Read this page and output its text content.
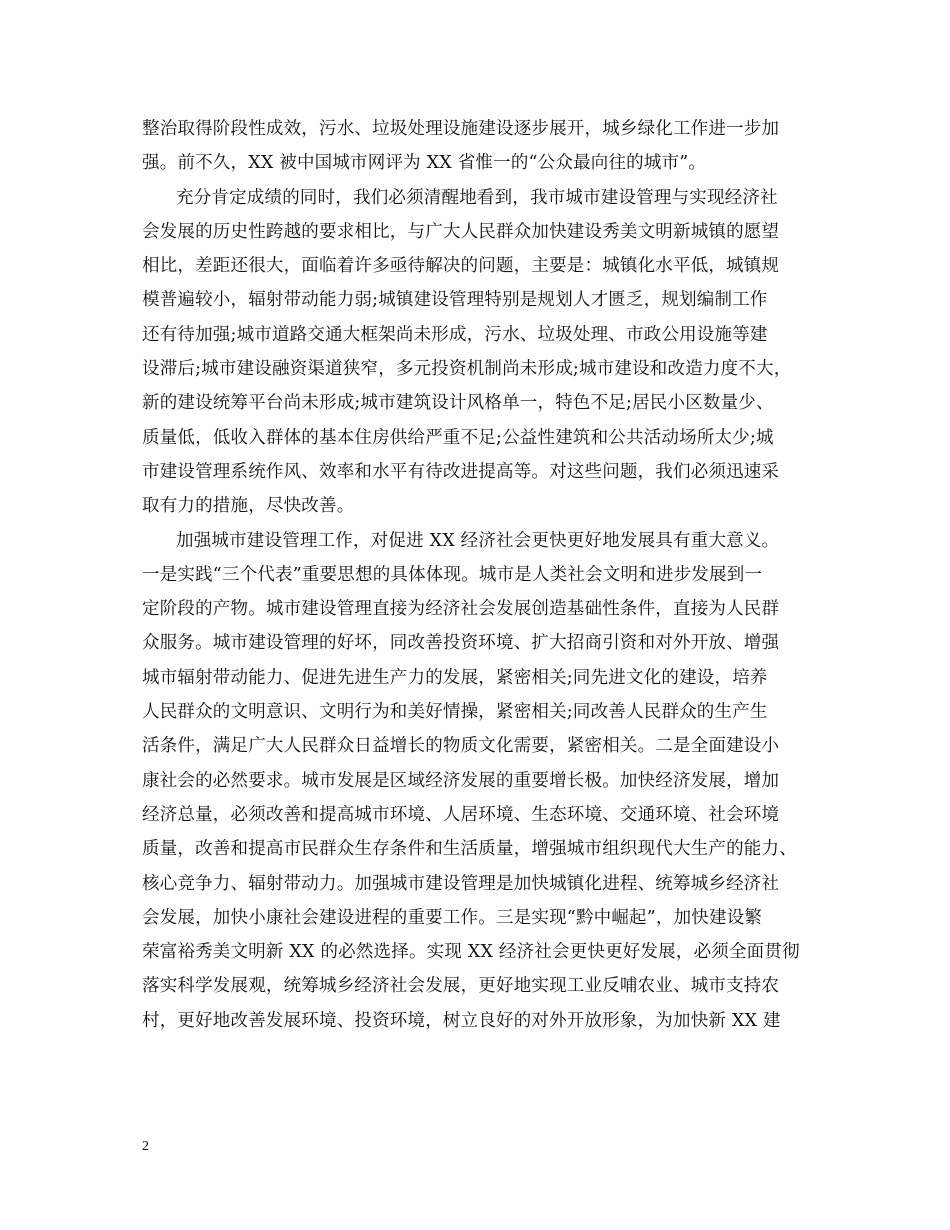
整治取得阶段性成效，污水、垃圾处理设施建设逐步展开，城乡绿化工作进一步加
强。前不久，XX 被中国城市网评为 XX 省惟一的“公众最向往的城市”。
充分肯定成绩的同时，我们必须清醒地看到，我市城市建设管理与实现经济社
会发展的历史性跨越的要求相比，与广大人民群众加快建设秀美文明新城镇的愿望
相比，差距还很大，面临着许多亟待解决的问题，主要是：城镇化水平低，城镇规
模普遍较小，辐射带动能力弱;城镇建设管理特别是规划人才匮乏，规划编制工作
还有待加强;城市道路交通大框架尚未形成，污水、垃圾处理、市政公用设施等建
设滞后;城市建设融资渠道狭窄，多元投资机制尚未形成;城市建设和改造力度不大，
新的建设统筹平台尚未形成;城市建筑设计风格单一，特色不足;居民小区数量少、
质量低，低收入群体的基本住房供给严重不足;公益性建筑和公共活动场所太少;城
市建设管理系统作风、效率和水平有待改进提高等。对这些问题，我们必须迅速采
取有力的措施，尽快改善。
加强城市建设管理工作，对促进 XX 经济社会更快更好地发展具有重大意义。
一是实践“三个代表”重要思想的具体体现。城市是人类社会文明和进步发展到一
定阶段的产物。城市建设管理直接为经济社会发展创造基础性条件，直接为人民群
众服务。城市建设管理的好坏，同改善投资环境、扩大招商引资和对外开放、增强
城市辐射带动能力、促进先进生产力的发展，紧密相关;同先进文化的建设，培养
人民群众的文明意识、文明行为和美好情操，紧密相关;同改善人民群众的生产生
活条件，满足广大人民群众日益增长的物质文化需要，紧密相关。二是全面建设小
康社会的必然要求。城市发展是区域经济发展的重要增长极。加快经济发展，增加
经济总量，必须改善和提高城市环境、人居环境、生态环境、交通环境、社会环境
质量，改善和提高市民群众生存条件和生活质量，增强城市组织现代大生产的能力、
核心竞争力、辐射带动力。加强城市建设管理是加快城镇化进程、统筹城乡经济社
会发展，加快小康社会建设进程的重要工作。三是实现“黔中崛起”，加快建设繁
荣富裕秀美文明新 XX 的必然选择。实现 XX 经济社会更快更好发展，必须全面贯彻
落实科学发展观，统筹城乡经济社会发展，更好地实现工业反哺农业、城市支持农
村，更好地改善发展环境、投资环境，树立良好的对外开放形象，为加快新 XX 建
2
